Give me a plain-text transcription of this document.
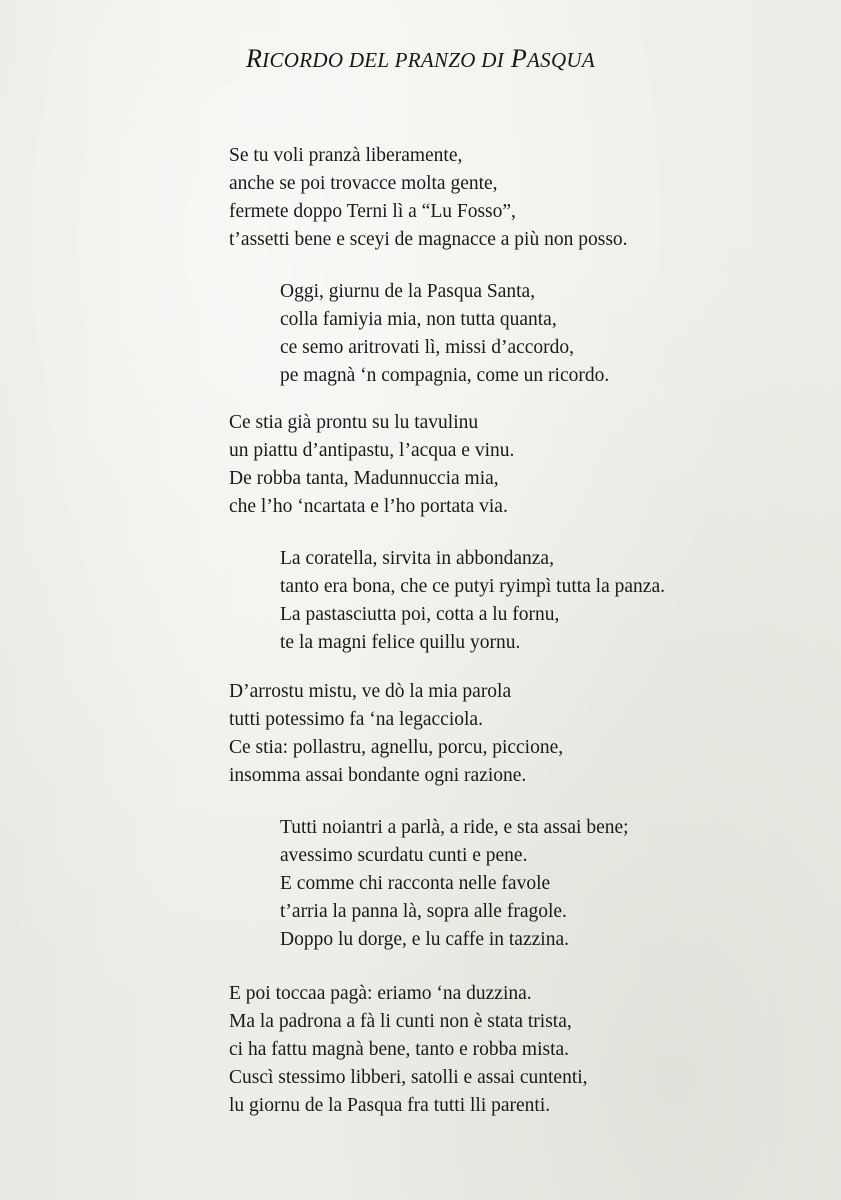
RICORDO DEL PRANZO DI PASQUA
Se tu voli pranzà liberamente,
anche se poi trovacce molta gente,
fermete doppo Terni lì a “Lu Fosso”,
t’assetti bene e sceyi de magnacce a più non posso.
Oggi, giurnu de la Pasqua Santa,
colla famiyia mia, non tutta quanta,
ce semo aritrovati lì, missi d’accordo,
pe magnà ‘n compagnia, come un ricordo.
Ce stia già prontu su lu tavulinu
un piattu d’antipastu, l’acqua e vinu.
De robba tanta, Madunnuccia mia,
che l’ho ‘ncartata e l’ho portata via.
La coratella, sirvita in abbondanza,
tanto era bona, che ce putyi ryimpì tutta la panza.
La pastasciutta poi, cotta a lu fornu,
te la magni felice quillu yornu.
D’arrostu mistu, ve dò la mia parola
tutti potessimo fa ‘na legacciola.
Ce stia: pollastru, agnellu, porcu, piccione,
insomma assai bondante ogni razione.
Tutti noiantri a parlà, a ride, e sta assai bene;
avessimo scurdatu cunti e pene.
E comme chi racconta nelle favole
t’arria la panna là, sopra alle fragole.
Doppo lu dorge, e lu caffe in tazzina.
E poi toccaa pagà: eriamo ‘na duzzina.
Ma la padrona a fà li cunti non è stata trista,
ci ha fattu magnà bene, tanto e robba mista.
Cuscì stessimo libberi, satolli e assai cuntenti,
lu giornu de la Pasqua fra tutti lli parenti.
